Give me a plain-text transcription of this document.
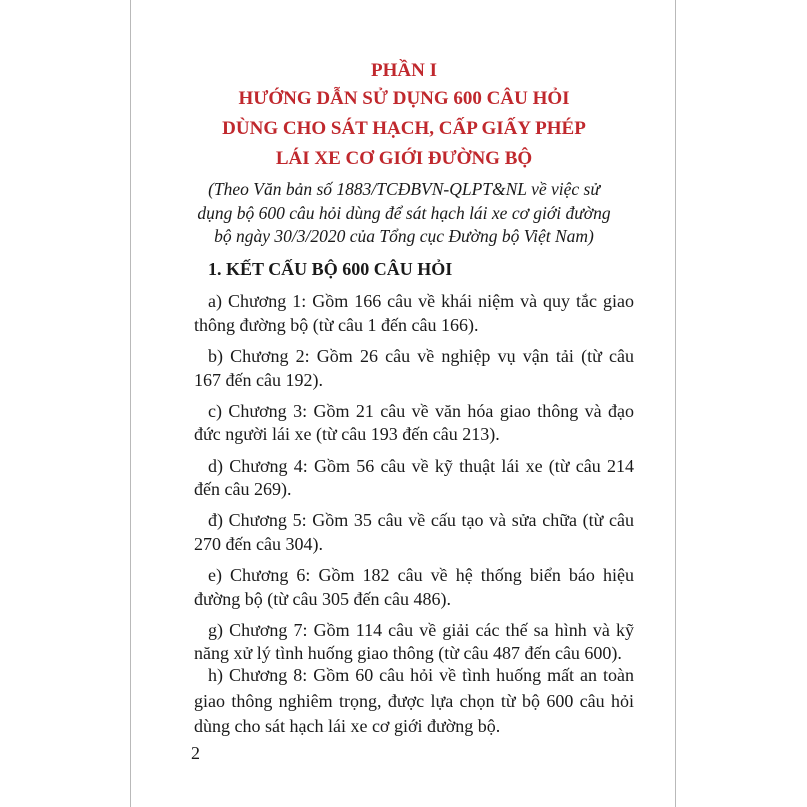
PHẦN I
HƯỚNG DẪN SỬ DỤNG 600 CÂU HỎI
DÙNG CHO SÁT HẠCH, CẤP GIẤY PHÉP
LÁI XE CƠ GIỚI ĐƯỜNG BỘ
(Theo Văn bản số 1883/TCĐBVN-QLPT&NL về việc sử
dụng bộ 600 câu hỏi dùng để sát hạch lái xe cơ giới đường
bộ ngày 30/3/2020 của Tổng cục Đường bộ Việt Nam)
1. KẾT CẤU BỘ 600 CÂU HỎI
a) Chương 1: Gồm 166 câu về khái niệm và quy tắc giao
thông đường bộ (từ câu 1 đến câu 166).
b) Chương 2: Gồm 26 câu về nghiệp vụ vận tải (từ câu
167 đến câu 192).
c) Chương 3: Gồm 21 câu về văn hóa giao thông và đạo
đức người lái xe (từ câu 193 đến câu 213).
d) Chương 4: Gồm 56 câu về kỹ thuật lái xe (từ câu 214
đến câu 269).
đ) Chương 5: Gồm 35 câu về cấu tạo và sửa chữa (từ câu
270 đến câu 304).
e) Chương 6: Gồm 182 câu về hệ thống biển báo hiệu
đường bộ (từ câu 305 đến câu 486).
g) Chương 7: Gồm 114 câu về giải các thế sa hình và kỹ
năng xử lý tình huống giao thông (từ câu 487 đến câu 600).
h) Chương 8: Gồm 60 câu hỏi về tình huống mất an toàn
giao thông nghiêm trọng, được lựa chọn từ bộ 600 câu hỏi
dùng cho sát hạch lái xe cơ giới đường bộ.
2
